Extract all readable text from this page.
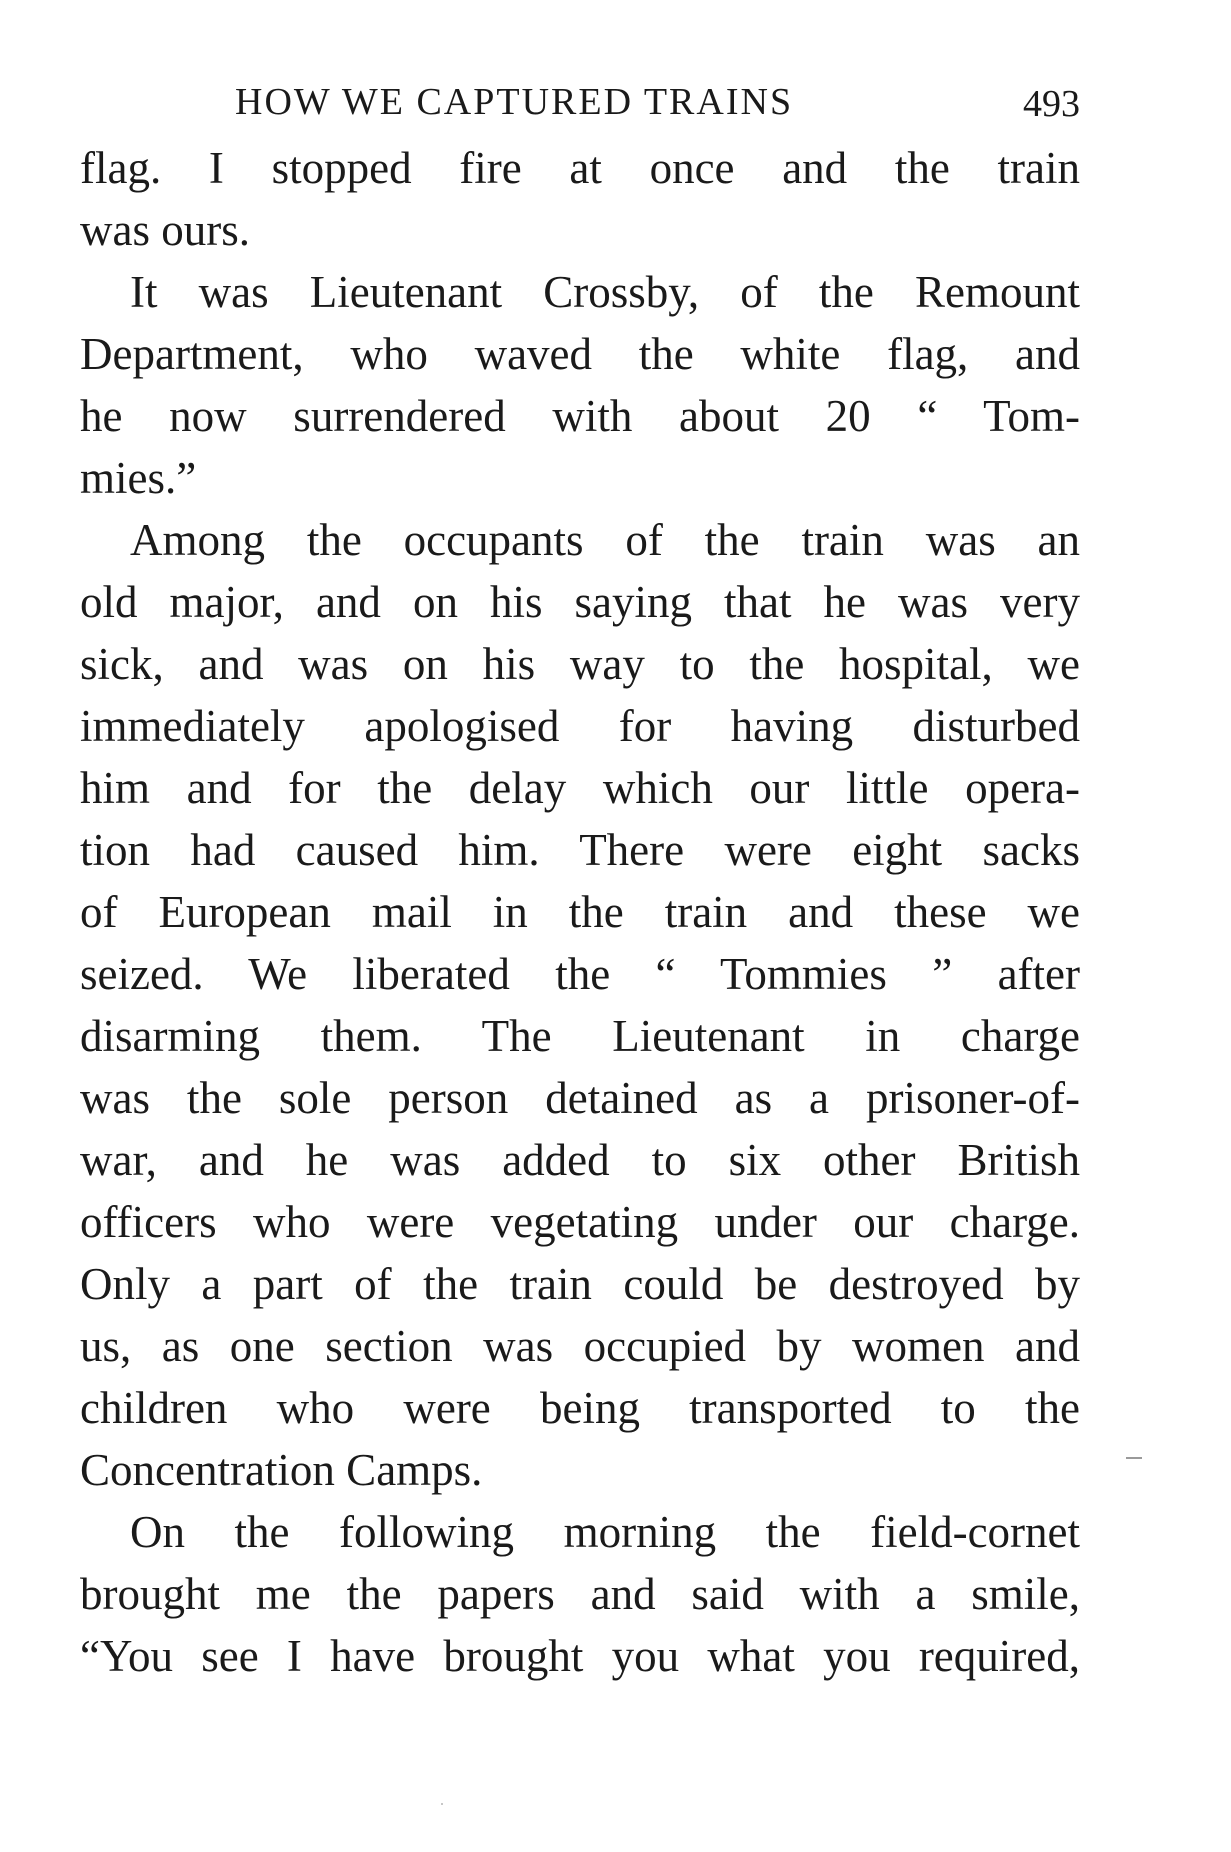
HOW WE CAPTURED TRAINS	493
flag. I stopped fire at once and the train
was ours.
It was Lieutenant Crossby, of the Remount
Department, who waved the white flag, and
he now surrendered with about 20 “ Tom-
mies.”
Among the occupants of the train was an
old major, and on his saying that he was very
sick, and was on his way to the hospital, we
immediately apologised for having disturbed
him and for the delay which our little opera-
tion had caused him. There were eight sacks
of European mail in the train and these we
seized. We liberated the “ Tommies ” after
disarming them. The Lieutenant in charge
was the sole person detained as a prisoner-of-
war, and he was added to six other British
officers who were vegetating under our charge.
Only a part of the train could be destroyed by
us, as one section was occupied by women and
children who were being transported to the
Concentration Camps.
On the following morning the field-cornet
brought me the papers and said with a smile,
“You see I have brought you what you required,
